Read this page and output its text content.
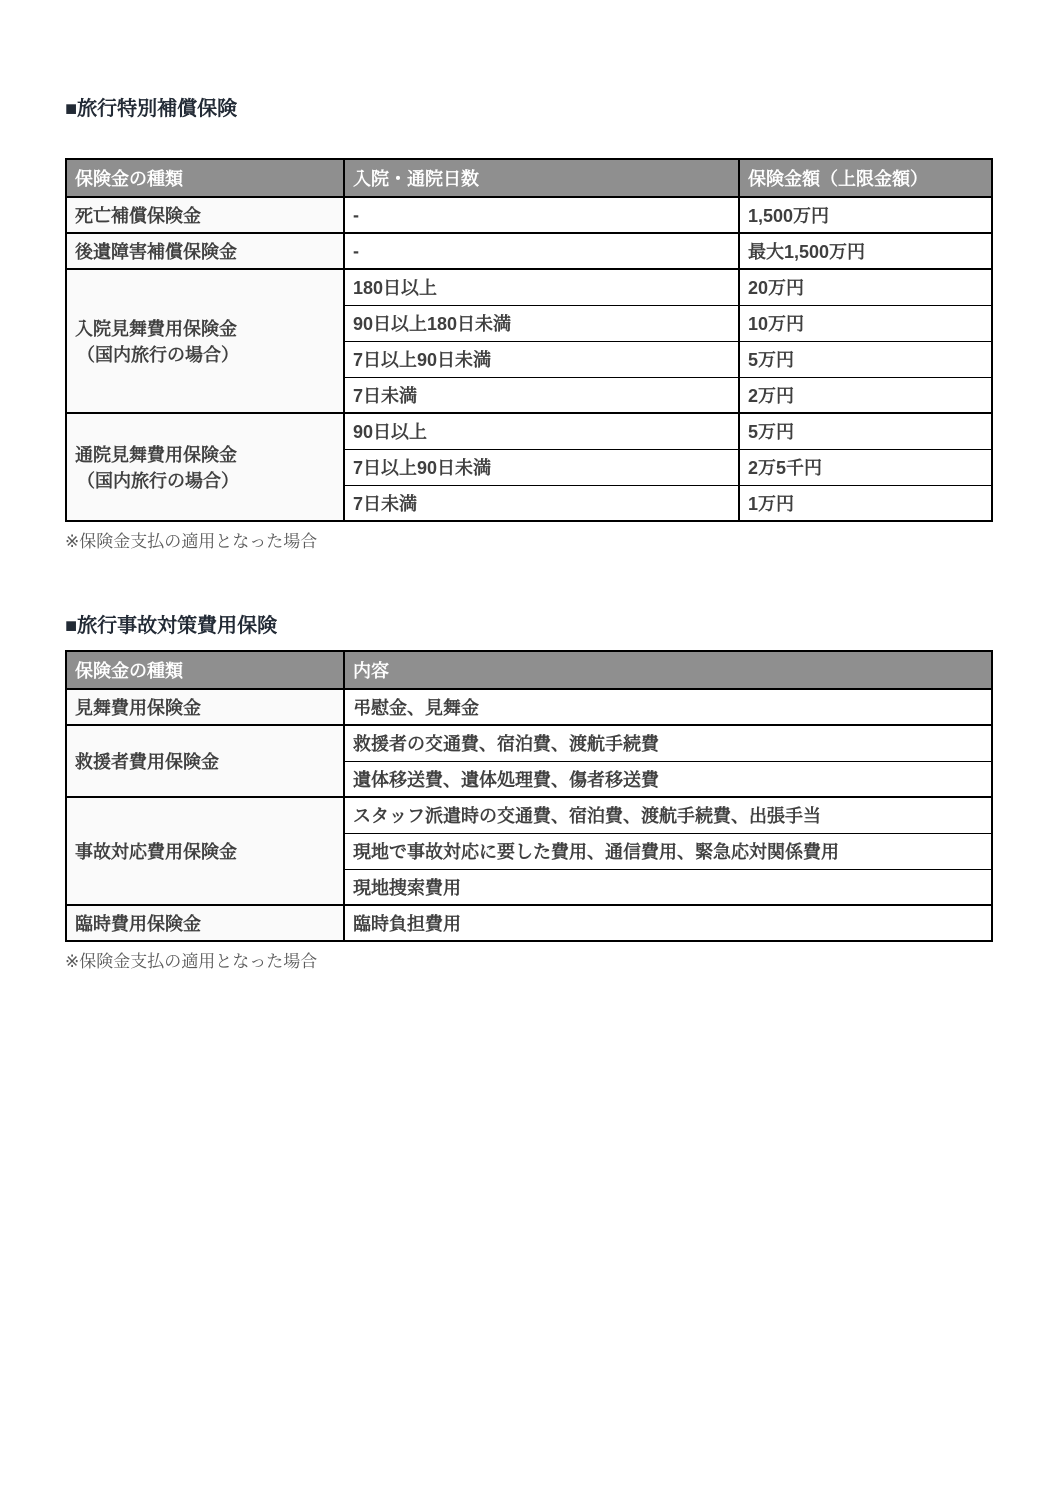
■旅行特別補償保険
保険金の種類	入院・通院日数	保険金額（上限金額）
死亡補償保険金	-	1,500万円
後遺障害補償保険金	-	最大1,500万円

入院見舞費用保険金
（国内旅行の場合）	180日以上	20万円
	90日以上180日未満	10万円
	7日以上90日未満	5万円
	7日未満	2万円

通院見舞費用保険金
（国内旅行の場合）	90日以上	5万円
	7日以上90日未満	2万5千円
	7日未満	1万円

※保険金支払の適用となった場合

■旅行事故対策費用保険
保険金の種類	内容
見舞費用保険金	弔慰金、見舞金
救援者費用保険金	救援者の交通費、宿泊費、渡航手続費
	遺体移送費、遺体処理費、傷者移送費
事故対応費用保険金	スタッフ派遣時の交通費、宿泊費、渡航手続費、出張手当
	現地で事故対応に要した費用、通信費用、緊急応対関係費用
	現地捜索費用
臨時費用保険金	臨時負担費用

※保険金支払の適用となった場合
